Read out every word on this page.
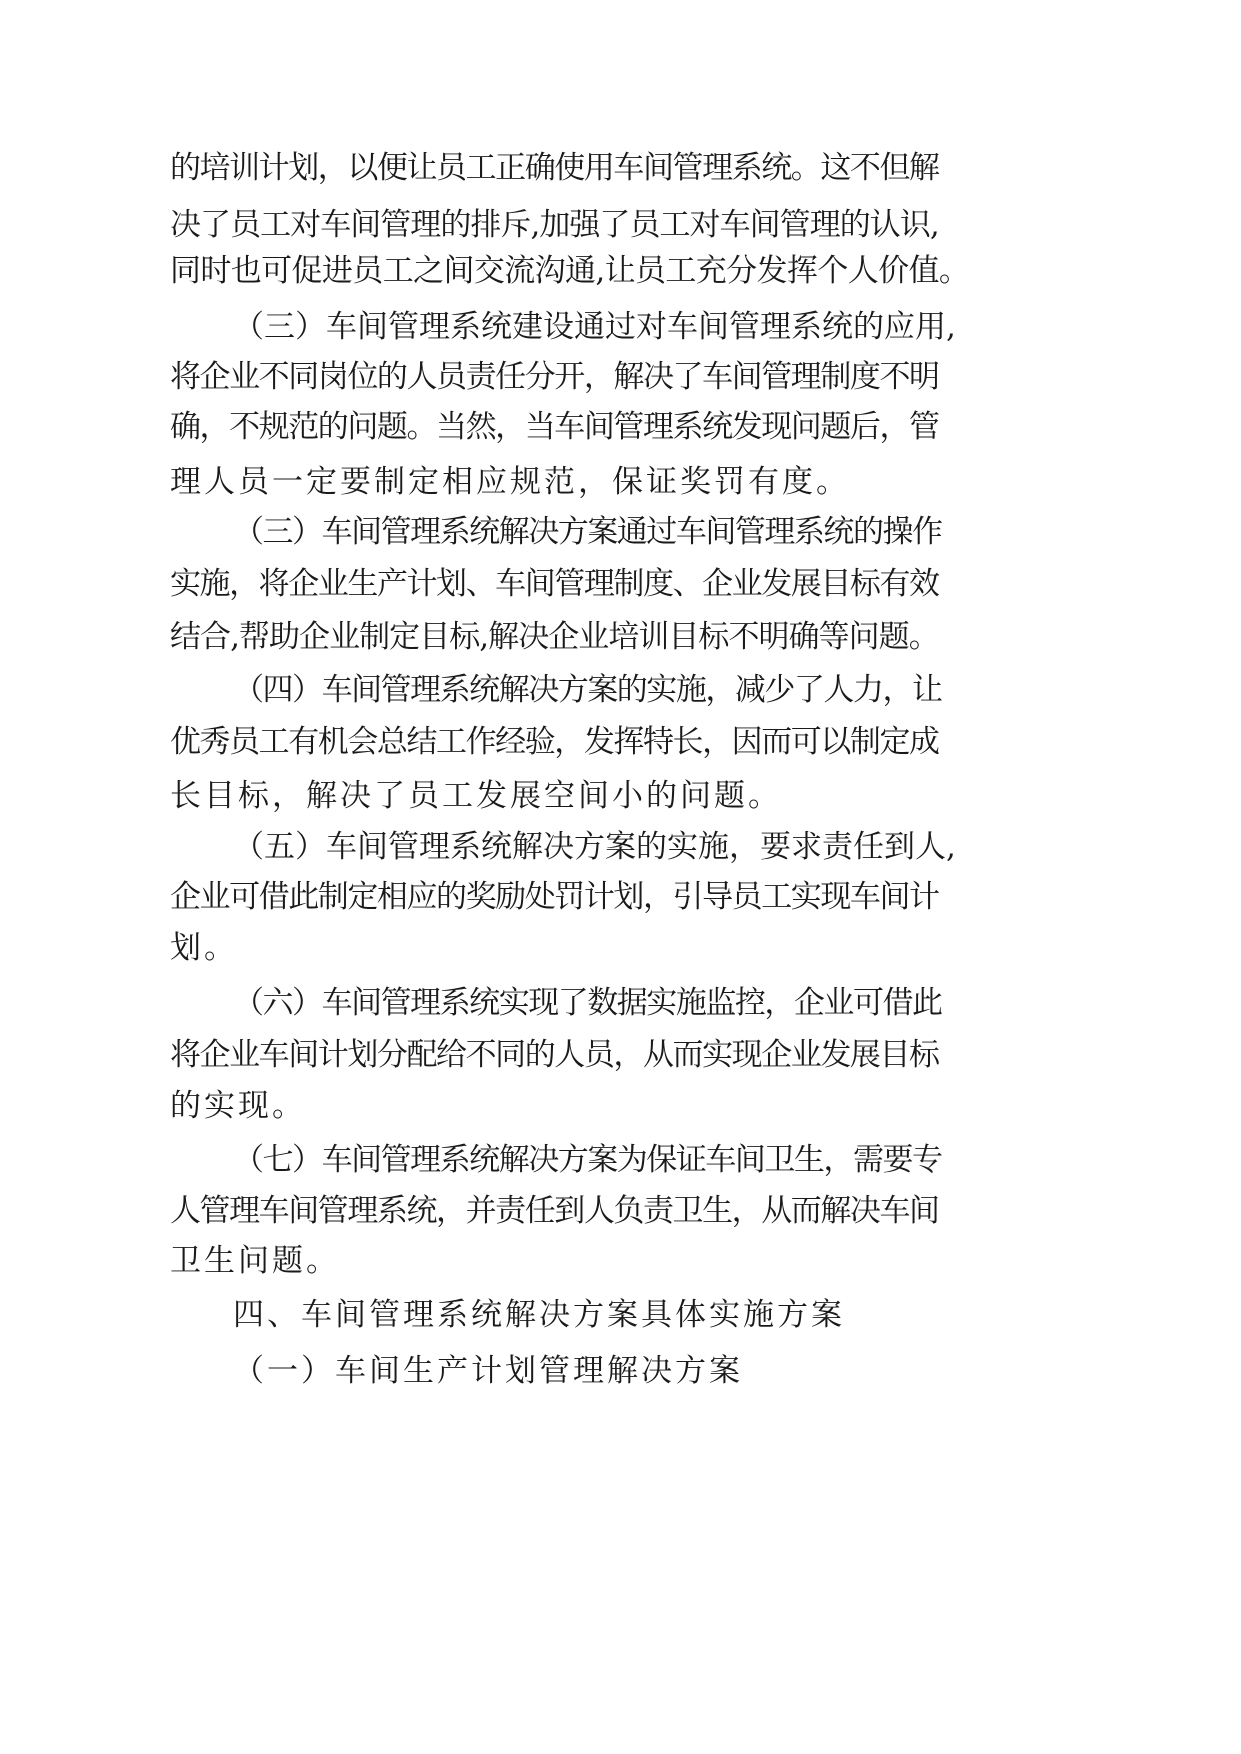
的培训计划，以便让员工正确使用车间管理系统。这不但解
决了员工对车间管理的排斥,加强了员工对车间管理的认识,
同时也可促进员工之间交流沟通,让员工充分发挥个人价值。
（三）车间管理系统建设通过对车间管理系统的应用,
将企业不同岗位的人员责任分开，解决了车间管理制度不明
确，不规范的问题。当然，当车间管理系统发现问题后，管
理人员一定要制定相应规范，保证奖罚有度。
（三）车间管理系统解决方案通过车间管理系统的操作
实施，将企业生产计划、车间管理制度、企业发展目标有效
结合,帮助企业制定目标,解决企业培训目标不明确等问题。
（四）车间管理系统解决方案的实施，减少了人力，让
优秀员工有机会总结工作经验，发挥特长，因而可以制定成
长目标，解决了员工发展空间小的问题。
（五）车间管理系统解决方案的实施，要求责任到人,
企业可借此制定相应的奖励处罚计划，引导员工实现车间计
划。
（六）车间管理系统实现了数据实施监控，企业可借此
将企业车间计划分配给不同的人员，从而实现企业发展目标
的实现。
（七）车间管理系统解决方案为保证车间卫生，需要专
人管理车间管理系统，并责任到人负责卫生，从而解决车间
卫生问题。
四、车间管理系统解决方案具体实施方案
（一）车间生产计划管理解决方案
